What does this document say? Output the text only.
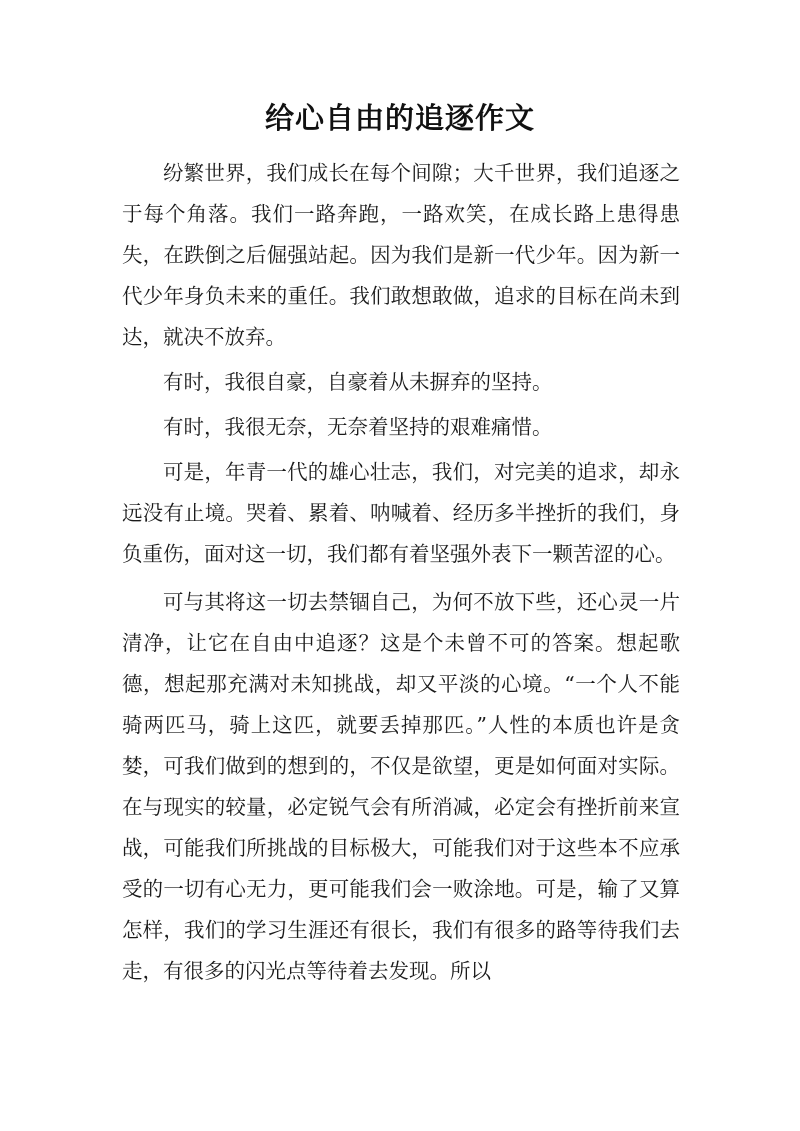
给心自由的追逐作文

纷繁世界，我们成长在每个间隙；大千世界，我们追逐之于每个角落。我们一路奔跑，一路欢笑，在成长路上患得患失，在跌倒之后倔强站起。因为我们是新一代少年。因为新一代少年身负未来的重任。我们敢想敢做，追求的目标在尚未到达，就决不放弃。

有时，我很自豪，自豪着从未摒弃的坚持。

有时，我很无奈，无奈着坚持的艰难痛惜。

可是，年青一代的雄心壮志，我们，对完美的追求，却永远没有止境。哭着、累着、呐喊着、经历多半挫折的我们，身负重伤，面对这一切，我们都有着坚强外表下一颗苦涩的心。

可与其将这一切去禁锢自己，为何不放下些，还心灵一片清净，让它在自由中追逐？这是个未曾不可的答案。想起歌德，想起那充满对未知挑战，却又平淡的心境。“一个人不能骑两匹马，骑上这匹，就要丢掉那匹。”人性的本质也许是贪婪，可我们做到的想到的，不仅是欲望，更是如何面对实际。在与现实的较量，必定锐气会有所消减，必定会有挫折前来宣战，可能我们所挑战的目标极大，可能我们对于这些本不应承受的一切有心无力，更可能我们会一败涂地。可是，输了又算怎样，我们的学习生涯还有很长，我们有很多的路等待我们去走，有很多的闪光点等待着去发现。所以
